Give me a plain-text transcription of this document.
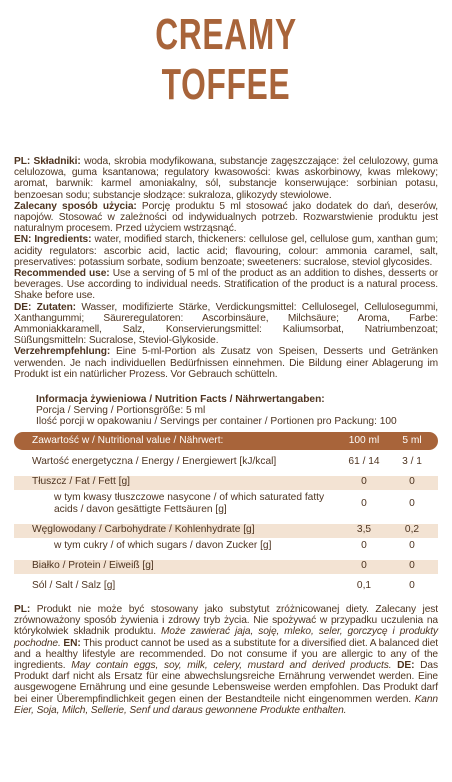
CREAMY
TOFFEE
PL: Składniki: woda, skrobia modyfikowana, substancje zagęszczające: żel celulozowy, guma celulozowa, guma ksantanowa; regulatory kwasowości: kwas askorbinowy, kwas mlekowy; aromat, barwnik: karmel amoniakalny, sól, substancje konserwujące: sorbinian potasu, benzoesan sodu; substancje słodzące: sukraloza, glikozydy stewiolowe.
Zalecany sposób użycia: Porcję produktu 5 ml stosować jako dodatek do dań, deserów, napojów. Stosować w zależności od indywidualnych potrzeb. Rozwarstwienie produktu jest naturalnym procesem. Przed użyciem wstrząsnąć.
EN: Ingredients: water, modified starch, thickeners: cellulose gel, cellulose gum, xanthan gum; acidity regulators: ascorbic acid, lactic acid; flavouring, colour: ammonia caramel, salt, preservatives: potassium sorbate, sodium benzoate; sweeteners: sucralose, steviol glycosides.
Recommended use: Use a serving of 5 ml of the product as an addition to dishes, desserts or beverages. Use according to individual needs. Stratification of the product is a natural process. Shake before use.
DE: Zutaten: Wasser, modifizierte Stärke, Verdickungsmittel: Cellulosegel, Cellulosegummi, Xanthangummi; Säureregulatoren: Ascorbinsäure, Milchsäure; Aroma, Farbe: Ammoniakkaramell, Salz, Konservierungsmittel: Kaliumsorbat, Natriumbenzoat; Süßungsmitteln: Sucralose, Steviol-Glykoside.
Verzehrempfehlung: Eine 5-ml-Portion als Zusatz von Speisen, Desserts und Getränken verwenden. Je nach individuellen Bedürfnissen einnehmen. Die Bildung einer Ablagerung im Produkt ist ein natürlicher Prozess. Vor Gebrauch schütteln.
Informacja żywieniowa / Nutrition Facts / Nährwertangaben:
Porcja / Serving / Portionsgröße: 5 ml
Ilość porcji w opakowaniu / Servings per container / Portionen pro Packung: 100
Zawartość w / Nutritional value / Nährwert:	100 ml	5 ml
Wartość energetyczna / Energy / Energiewert [kJ/kcal]	61 / 14	3 / 1
Tłuszcz / Fat / Fett [g]	0	0
w tym kwasy tłuszczowe nasycone / of which saturated fatty acids / davon gesättigte Fettsäuren [g]
0	0
Węglowodany / Carbohydrate / Kohlenhydrate [g]	3,5	0,2
w tym cukry / of which sugars / davon Zucker [g]	0	0
Białko / Protein / Eiweiß [g]	0	0
Sól / Salt / Salz [g]	0,1	0
PL: Produkt nie może być stosowany jako substytut zróżnicowanej diety. Zalecany jest zrównoważony sposób żywienia i zdrowy tryb życia. Nie spożywać w przypadku uczulenia na którykolwiek składnik produktu. Może zawierać jaja, soję, mleko, seler, gorczycę i produkty pochodne. EN: This product cannot be used as a substitute for a diversified diet. A balanced diet and a healthy lifestyle are recommended. Do not consume if you are allergic to any of the ingredients. May contain eggs, soy, milk, celery, mustard and derived products. DE: Das Produkt darf nicht als Ersatz für eine abwechslungsreiche Ernährung verwendet werden. Eine ausgewogene Ernährung und eine gesunde Lebensweise werden empfohlen. Das Produkt darf bei einer Überempfindlichkeit gegen einen der Bestandteile nicht eingenommen werden. Kann Eier, Soja, Milch, Sellerie, Senf und daraus gewonnene Produkte enthalten.
